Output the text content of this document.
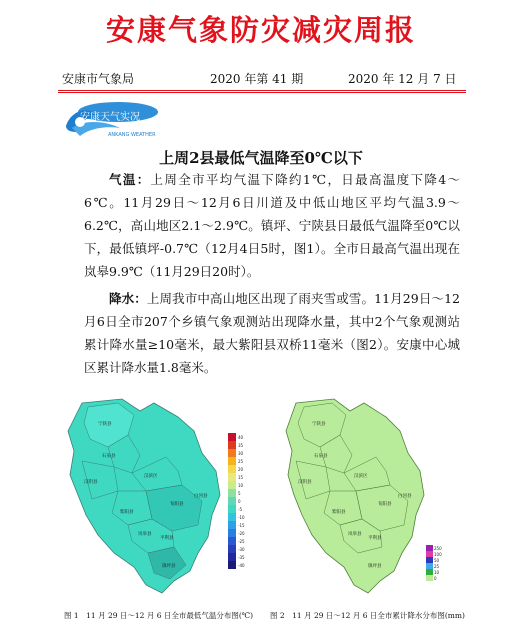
安康气象防灾减灾周报
安康市气象局	2020 年第 41 期	2020 年 12 月 7 日
ANKANG WEATHER
安康天气实况
上周2县最低气温降至0℃以下
气温：上周全市平均气温下降约1℃，日最高温度下降4～6℃。11月29日～12月6日川道及中低山地区平均气温3.9～6.2℃，高山地区2.1～2.9℃。镇坪、宁陕县日最低气温降至0℃以下，最低镇坪-0.7℃（12月4日5时，图1）。全市日最高气温出现在岚皋9.9℃（11月29日20时）。
降水：上周我市中高山地区出现了雨夹雪或雪。11月29日～12月6日全市207个乡镇气象观测站出现降水量，其中2个气象观测站累计降水量≥10毫米，最大紫阳县双桥11毫米（图2）。安康中心城区累计降水量1.8毫米。
宁陕县
汉阴县
石泉县
紫阳县
汉滨区
旬阳县
白河县
岚皋县
平利县
镇坪县
40
35
30
25
20
15
10
5
0
-5
-10
-15
-20
-25
-30
-35
-40
宁陕县
汉阴县
石泉县
紫阳县
汉滨区
旬阳县
白河县
岚皋县
平利县
镇坪县
250
100
50
25
10
0
图 1　11 月 29 日～12 月 6 日全市最低气温分布图(℃) 图 2　11 月 29 日～12 月 6 日全市累计降水分布图(mm)
